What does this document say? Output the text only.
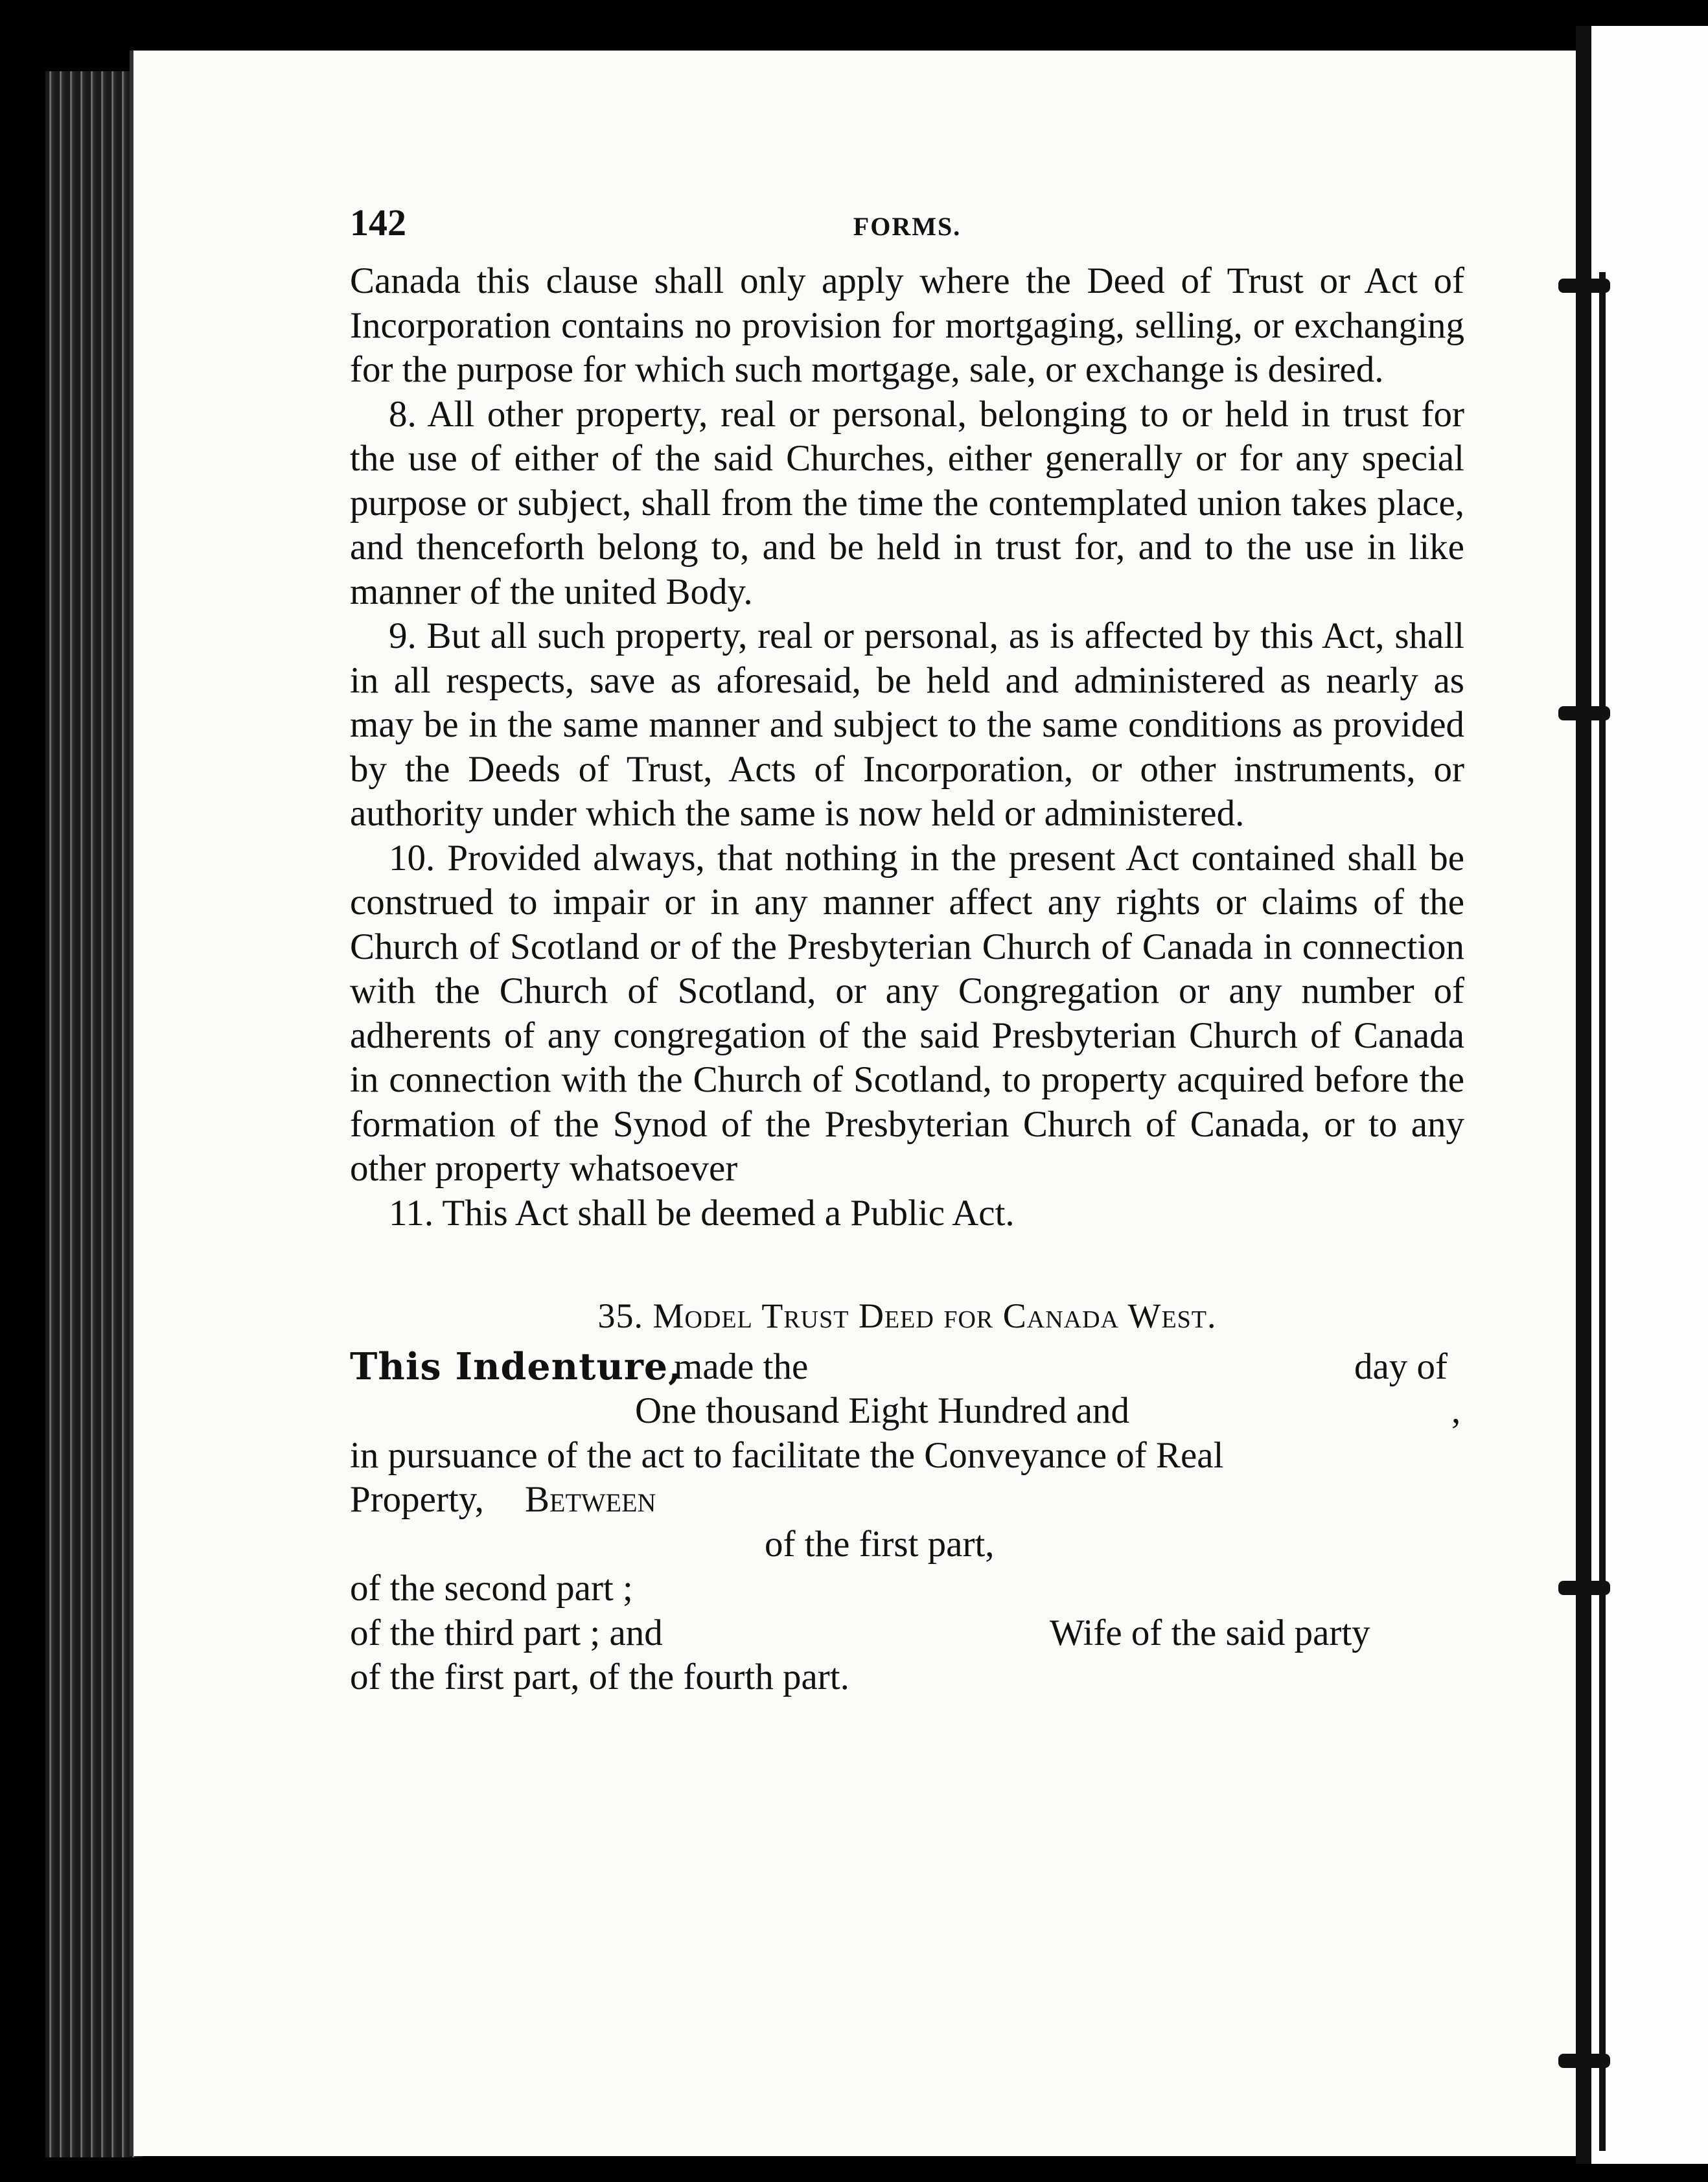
142	FORMS.

Canada this clause shall only apply where the Deed of Trust or Act of Incorporation contains no provision for mortgaging, selling, or exchanging for the purpose for which such mortgage, sale, or exchange is desired.

8. All other property, real or personal, belonging to or held in trust for the use of either of the said Churches, either generally or for any special purpose or subject, shall from the time the contemplated union takes place, and thenceforth belong to, and be held in trust for, and to the use in like manner of the united Body.

9. But all such property, real or personal, as is affected by this Act, shall in all respects, save as aforesaid, be held and administered as nearly as may be in the same manner and subject to the same conditions as provided by the Deeds of Trust, Acts of Incorporation, or other instruments, or authority under which the same is now held or administered.

10. Provided always, that nothing in the present Act contained shall be construed to impair or in any manner affect any rights or claims of the Church of Scotland or of the Presbyterian Church of Canada in connection with the Church of Scotland, or any Congregation or any number of adherents of any congregation of the said Presbyterian Church of Canada in connection with the Church of Scotland, to property acquired before the formation of the Synod of the Presbyterian Church of Canada, or to any other property whatsoever

11. This Act shall be deemed a Public Act.

35. Model Trust Deed for Canada West.
This Indenture,
made the	day of
One thousand Eight Hundred and	,
in pursuance of the act to facilitate the Conveyance of Real
Property, Between
of the first part,
of the second part ;
of the third part ; and	Wife of the said party
of the first part, of the fourth part.
